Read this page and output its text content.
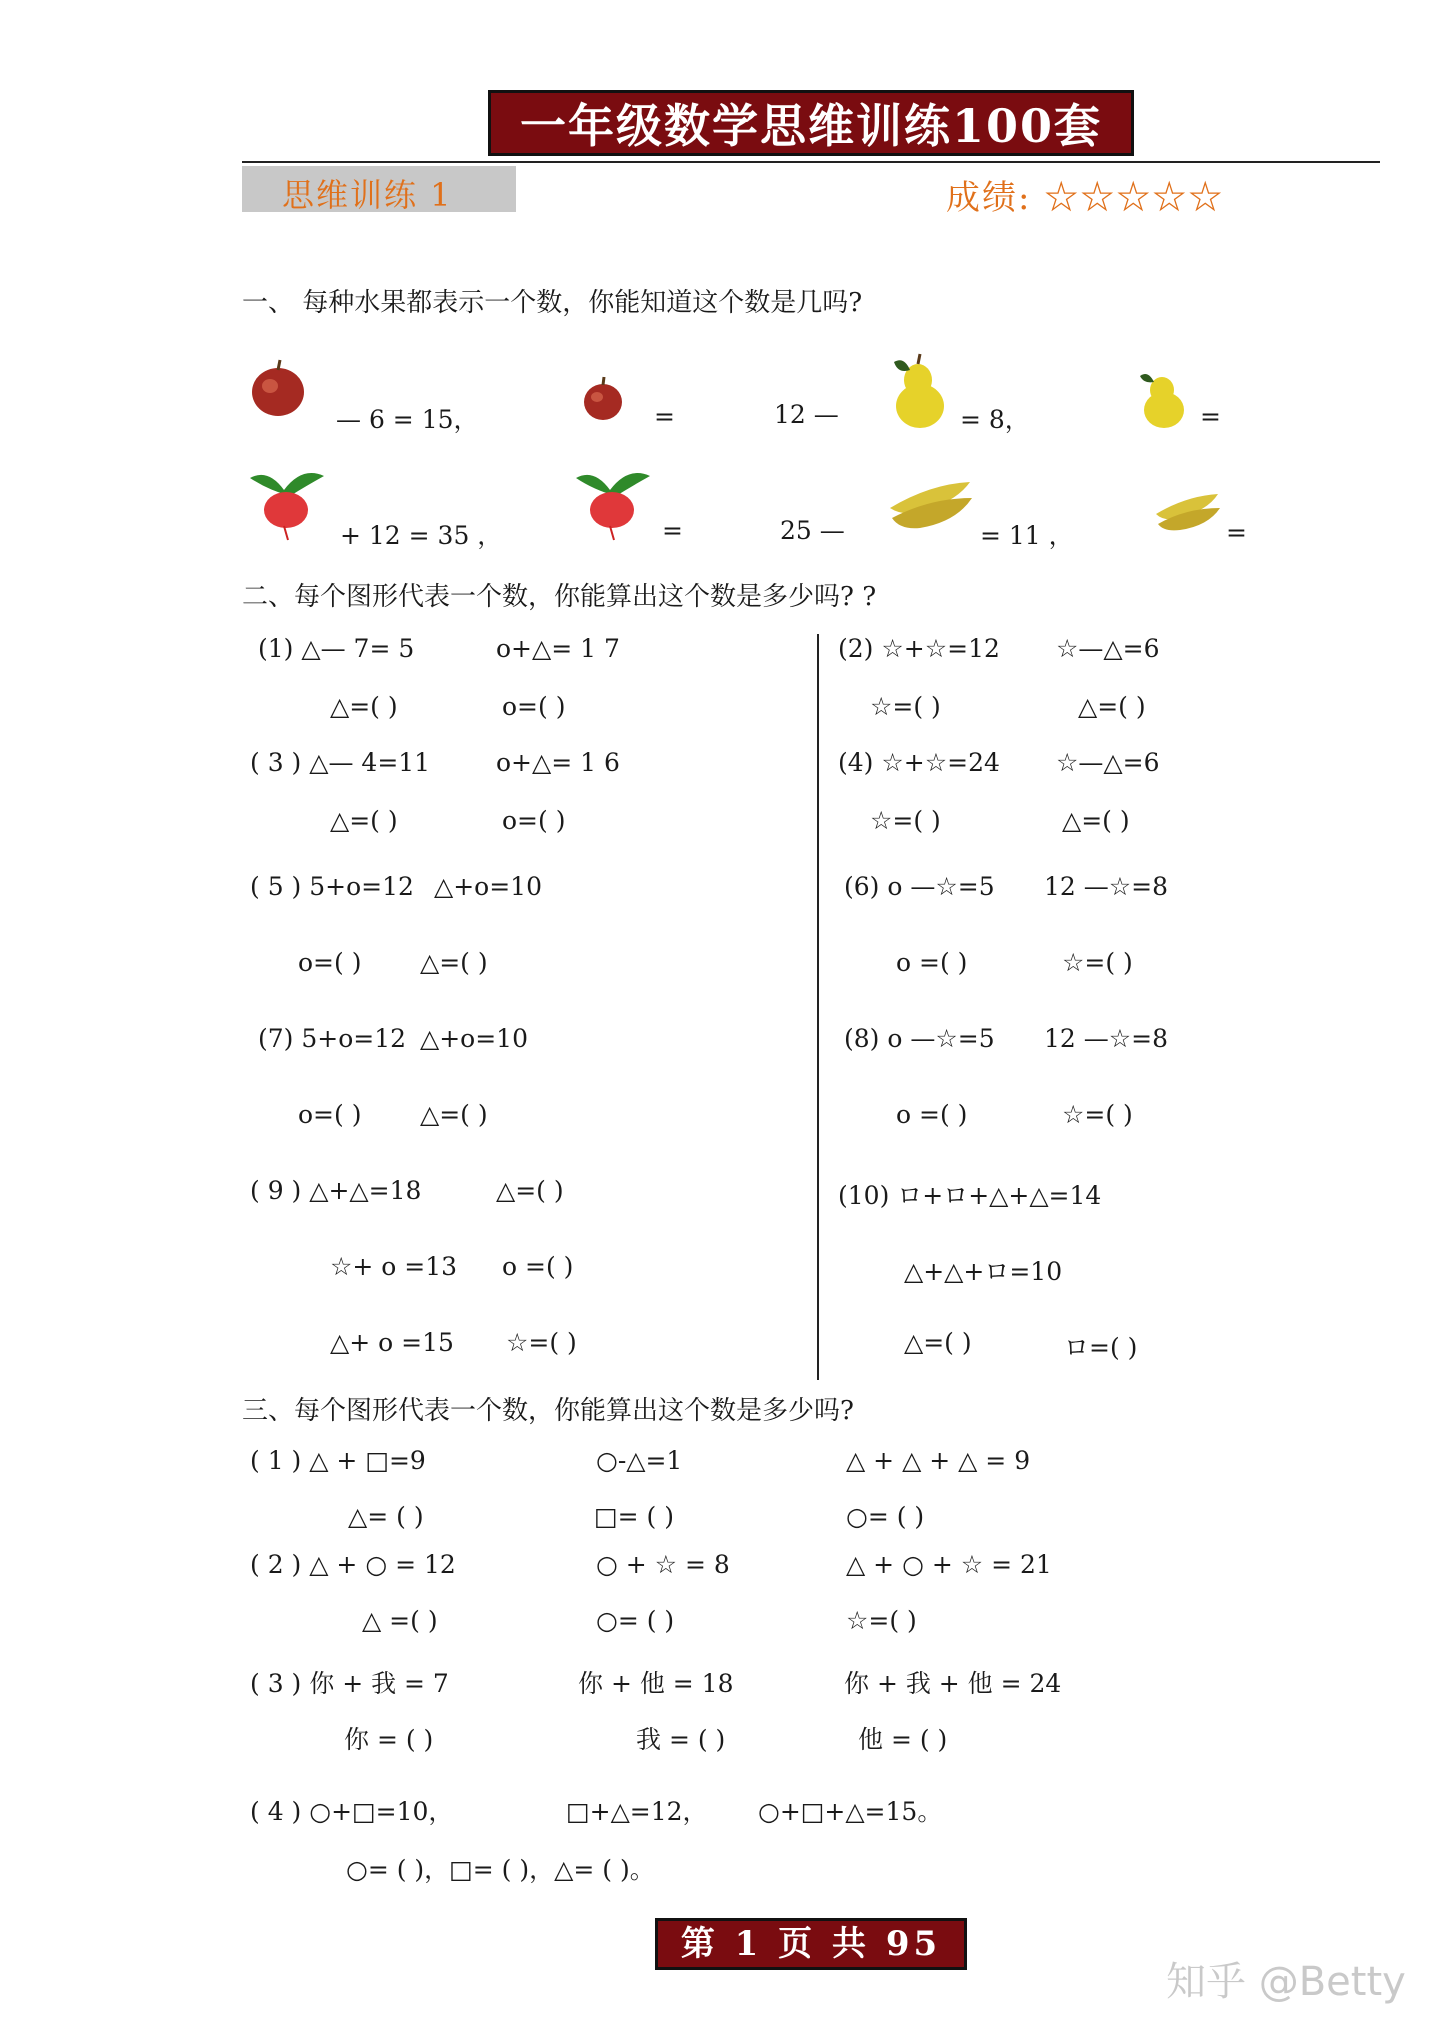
一年级数学思维训练100套
思维训练 1	成绩: ☆☆☆☆☆
一、 每种水果都表示一个数，你能知道这个数是几吗?
— 6 = 15，	=	12 —	= 8，	=
+ 12 = 35 ，	=	25 —	= 11 ，	=
二、每个图形代表一个数，你能算出这个数是多少吗? ?
(1) △— 7= 5	o+△= 1 7
△=( )	o=( )
(2) ☆+☆=12 ☆—△=6
☆=( )	△=( )
( 3 ) △— 4=11	o+△= 1 6
△=( )	o=( )
(4) ☆+☆=24 ☆—△=6
☆=( )	△=( )
( 5 ) 5+o=12 △+o=10
o=( ) △=( )
(6) o —☆=5 12 —☆=8
o =( )	☆=( )
(7) 5+o=12 △+o=10
o=( ) △=( )
(8) o —☆=5 12 —☆=8
o =( )	☆=( )
( 9 ) △+△=18	△=( )
☆+ o =13 o =( )
△+ o =15 ☆=( )
(10) ロ+ロ+△+△=14
△+△+ロ=10
△=( )	ロ=( )
三、每个图形代表一个数，你能算出这个数是多少吗?
( 1 ) △ + □=9	○-△=1	△ + △ + △ = 9
△= ( )	□= ( )	○= ( )
( 2 ) △ + ○ = 12	○ + ☆ = 8	△ + ○ + ☆ = 21
△ =( )	○= ( )	☆=( )
( 3 ) 你 + 我 = 7	你 + 他 = 18	你 + 我 + 他 = 24
你 = ( )	我 = ( )	他 = ( )
( 4 ) ○+□=10，	□+△=12， ○+□+△=15。
○= ( )，□= ( )，△= ( )。
第 1 页 共 95 页	知乎 @Betty
